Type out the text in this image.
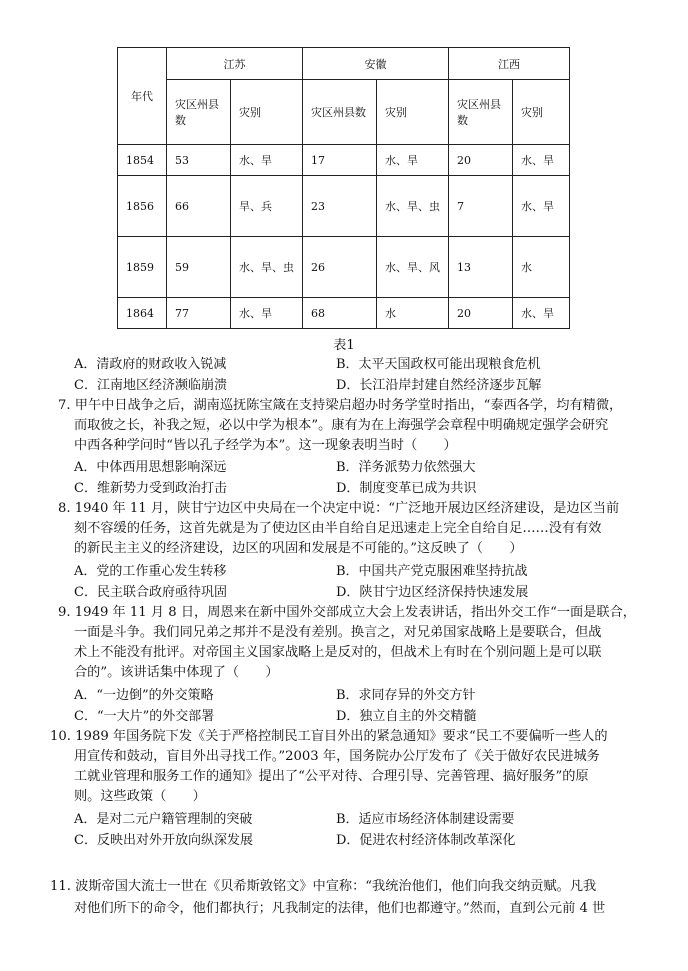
年代	江苏		安徽		江西	
	灾区州县数	灾别	灾区州县数	灾别	灾区州县数	灾别
1854	53	水、旱	17	水、旱	20	水、旱
1856	66	旱、兵	23	水、旱、虫	7	水、旱
1859	59	水、旱、虫	26	水、旱、风	13	水
1864	77	水、旱	68	水	20	水、旱
表1
A．清政府的财政收入锐减	B．太平天国政权可能出现粮食危机
C．江南地区经济濒临崩溃	D．长江沿岸封建自然经济逐步瓦解

7. 甲午中日战争之后，湖南巡抚陈宝箴在支持梁启超办时务学堂时指出，“泰西各学，均有精微，

而取彼之长，补我之短，必以中学为根本”。康有为在上海强学会章程中明确规定强学会研究

中西各种学问时“皆以孔子经学为本”。这一现象表明当时（　　）

A．中体西用思想影响深远	B．洋务派势力依然强大
C．维新势力受到政治打击	D．制度变革已成为共识

8. 1940 年 11 月，陕甘宁边区中央局在一个决定中说：“广泛地开展边区经济建设，是边区当前

刻不容缓的任务，这首先就是为了使边区由半自给自足迅速走上完全自给自足……没有有效

的新民主主义的经济建设，边区的巩固和发展是不可能的。”这反映了（　　）

A．党的工作重心发生转移	B．中国共产党克服困难坚持抗战
C．民主联合政府亟待巩固	D．陕甘宁边区经济保持快速发展

9. 1949 年 11 月 8 日，周恩来在新中国外交部成立大会上发表讲话，指出外交工作“一面是联合，

一面是斗争。我们同兄弟之邦并不是没有差别。换言之，对兄弟国家战略上是要联合，但战

术上不能没有批评。对帝国主义国家战略上是反对的，但战术上有时在个别问题上是可以联

合的”。该讲话集中体现了（　　）

A．“一边倒”的外交策略	B．求同存异的外交方针
C．“一大片”的外交部署	D．独立自主的外交精髓

10. 1989 年国务院下发《关于严格控制民工盲目外出的紧急通知》要求“民工不要偏听一些人的

用宣传和鼓动，盲目外出寻找工作。”2003 年，国务院办公厅发布了《关于做好农民进城务

工就业管理和服务工作的通知》提出了“公平对待、合理引导、完善管理、搞好服务”的原

则。这些政策（　　）

A．是对二元户籍管理制的突破	B．适应市场经济体制建设需要
C．反映出对外开放向纵深发展	D．促进农村经济体制改革深化

11. 波斯帝国大流士一世在《贝希斯敦铭文》中宣称：“我统治他们，他们向我交纳贡赋。凡我

对他们所下的命令，他们都执行；凡我制定的法律，他们也都遵守。”然而，直到公元前 4 世
